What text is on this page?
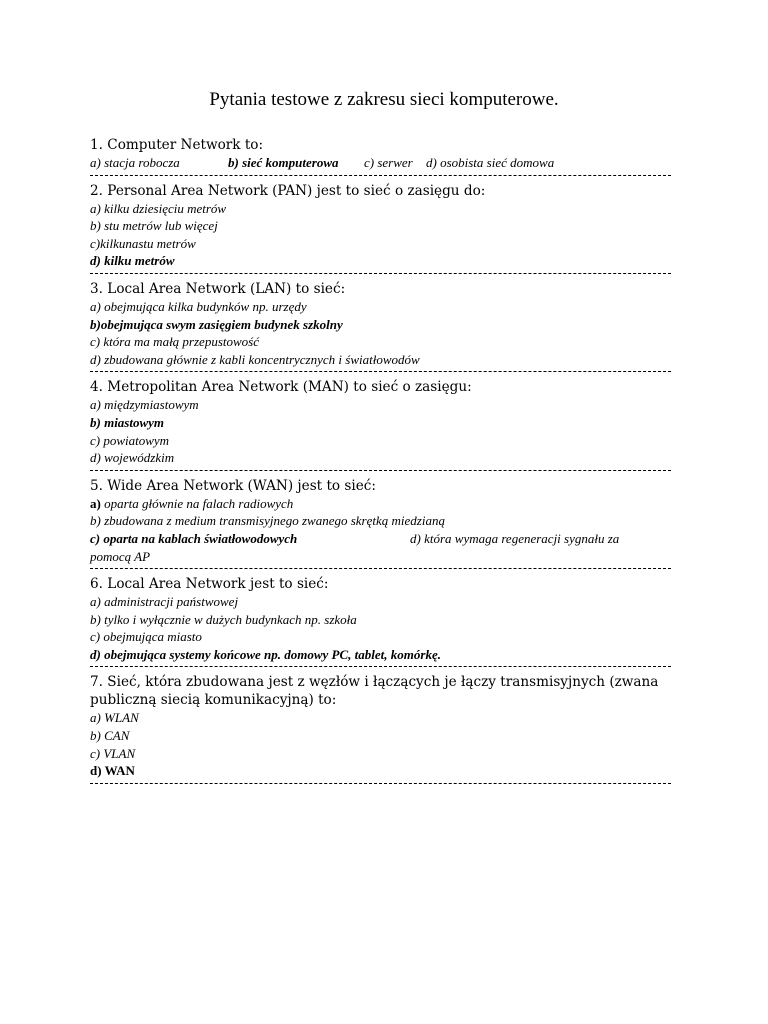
Pytania testowe z zakresu sieci komputerowe.
1. Computer Network to:
a) stacja robocza	b) sieć komputerowa	c) serwer	d) osobista sieć domowa
2. Personal Area Network (PAN) jest to sieć o zasięgu do:
a) kilku dziesięciu metrów
b) stu metrów lub więcej
c)kilkunastu metrów
d) kilku metrów
3. Local Area Network (LAN) to sieć:
a) obejmująca kilka budynków np. urzędy
b)obejmująca swym zasięgiem budynek szkolny
c) która ma małą przepustowość
d) zbudowana głównie z kabli koncentrycznych i światłowodów
4. Metropolitan Area Network (MAN) to sieć o zasięgu:
a) międzymiastowym
b) miastowym
c) powiatowym
d) wojewódzkim
5. Wide Area Network (WAN) jest to sieć:
a) oparta głównie na falach radiowych
b) zbudowana z medium transmisyjnego zwanego skrętką miedzianą
c) oparta na kablach światłowodowych	d) która wymaga regeneracji sygnału za
pomocą AP
6. Local Area Network jest to sieć:
a) administracji państwowej
b) tylko i wyłącznie w dużych budynkach np. szkoła
c) obejmująca miasto
d) obejmująca systemy końcowe np. domowy PC, tablet, komórkę.
7. Sieć, która zbudowana jest z węzłów i łączących je łączy transmisyjnych (zwana publiczną siecią komunikacyjną) to:
a) WLAN
b) CAN
c) VLAN
d) WAN
